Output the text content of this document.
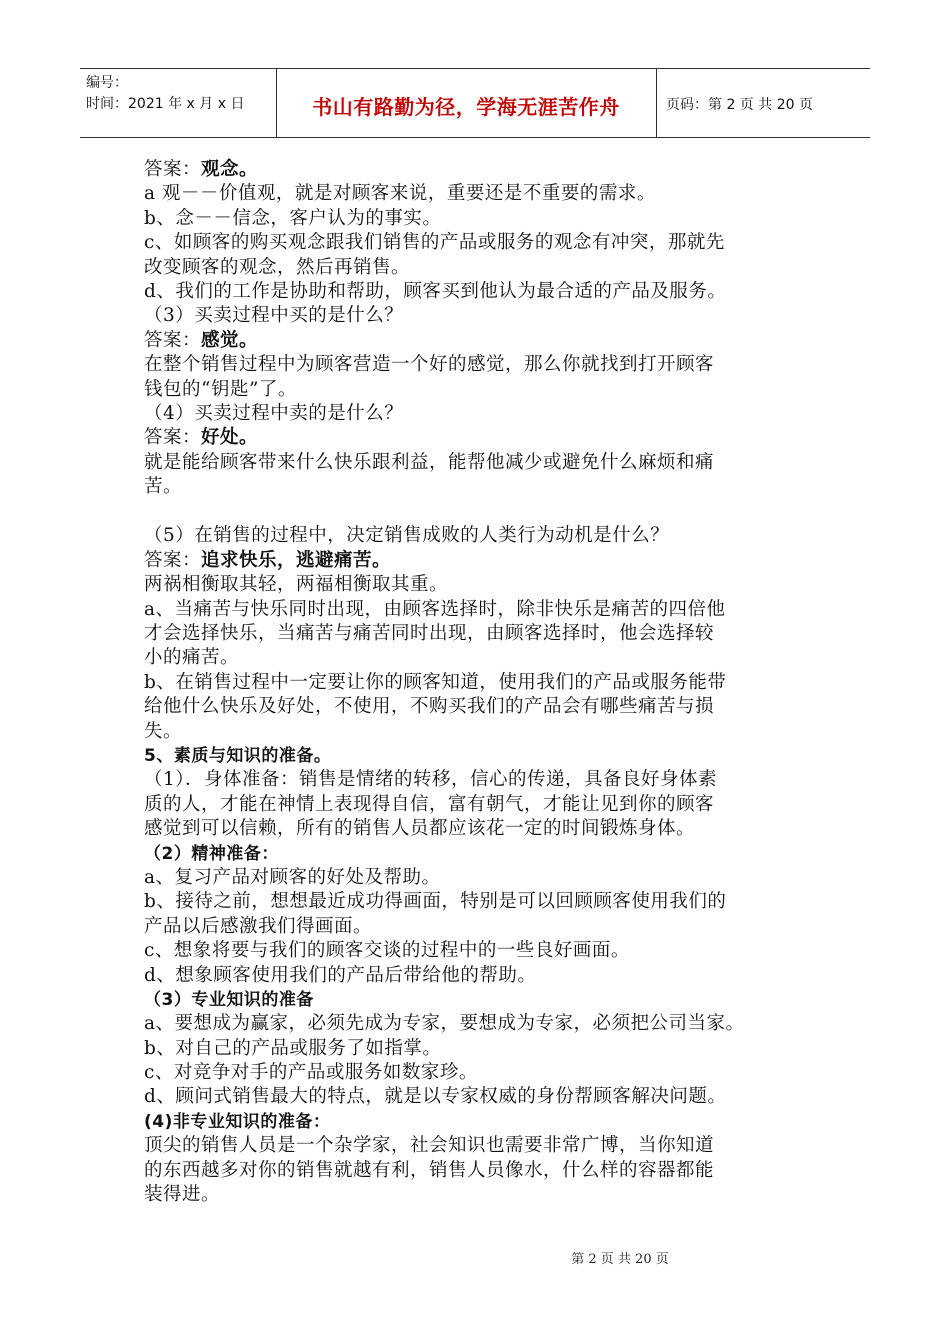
编号：
时间：2021 年 x 月 x 日	书山有路勤为径，学海无涯苦作舟	页码：第 2 页 共 20 页
答案：观念。
a 观－－价值观，就是对顾客来说，重要还是不重要的需求。
b、念－－信念，客户认为的事实。
c、如顾客的购买观念跟我们销售的产品或服务的观念有冲突，那就先
改变顾客的观念，然后再销售。
d、我们的工作是协助和帮助，顾客买到他认为最合适的产品及服务。
（3）买卖过程中买的是什么？
答案：感觉。
在整个销售过程中为顾客营造一个好的感觉，那么你就找到打开顾客
钱包的“钥匙”了。
（4）买卖过程中卖的是什么？
答案：好处。
就是能给顾客带来什么快乐跟利益，能帮他减少或避免什么麻烦和痛
苦。
（5）在销售的过程中，决定销售成败的人类行为动机是什么？
答案：追求快乐，逃避痛苦。
两祸相衡取其轻，两福相衡取其重。
a、当痛苦与快乐同时出现，由顾客选择时，除非快乐是痛苦的四倍他
才会选择快乐，当痛苦与痛苦同时出现，由顾客选择时，他会选择较
小的痛苦。
b、在销售过程中一定要让你的顾客知道，使用我们的产品或服务能带
给他什么快乐及好处，不使用，不购买我们的产品会有哪些痛苦与损
失。
5、素质与知识的准备。
（1）．身体准备：销售是情绪的转移，信心的传递，具备良好身体素
质的人，才能在神情上表现得自信，富有朝气，才能让见到你的顾客
感觉到可以信赖，所有的销售人员都应该花一定的时间锻炼身体。
（2）精神准备：
a、复习产品对顾客的好处及帮助。
b、接待之前，想想最近成功得画面，特别是可以回顾顾客使用我们的
产品以后感激我们得画面。
c、想象将要与我们的顾客交谈的过程中的一些良好画面。
d、想象顾客使用我们的产品后带给他的帮助。
（3）专业知识的准备
a、要想成为赢家，必须先成为专家，要想成为专家，必须把公司当家。
b、对自己的产品或服务了如指掌。
c、对竞争对手的产品或服务如数家珍。
d、顾问式销售最大的特点，就是以专家权威的身份帮顾客解决问题。
(4)非专业知识的准备：
顶尖的销售人员是一个杂学家，社会知识也需要非常广博，当你知道
的东西越多对你的销售就越有利，销售人员像水，什么样的容器都能
装得进。
第 2 页 共 20 页
